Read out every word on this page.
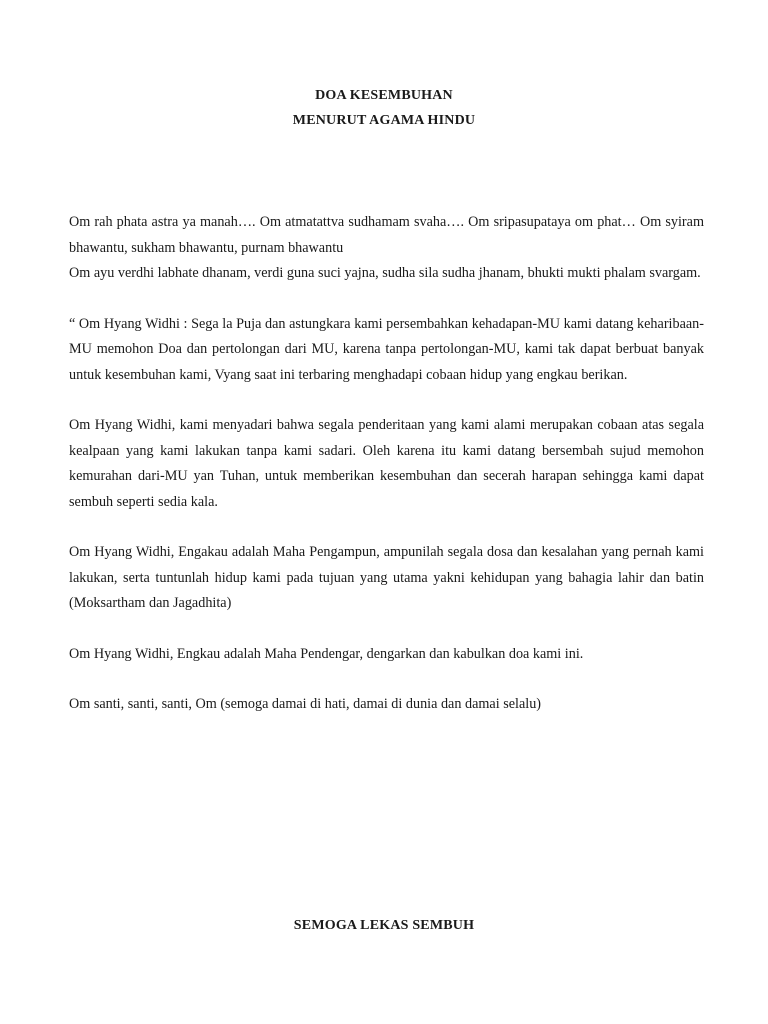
DOA KESEMBUHAN
MENURUT AGAMA HINDU

Om rah phata astra ya manah…. Om atmatattva sudhamam svaha…. Om sripasupataya om phat… Om syiram bhawantu, sukham bhawantu, purnam bhawantu

Om ayu verdhi labhate dhanam, verdi guna suci yajna, sudha sila sudha jhanam, bhukti mukti phalam svargam.

“ Om Hyang Widhi : Sega la Puja dan astungkara kami persembahkan kehadapan-MU kami datang keharibaan-MU memohon Doa dan pertolongan dari MU, karena tanpa pertolongan-MU, kami tak dapat berbuat banyak untuk kesembuhan kami, Vyang saat ini terbaring menghadapi cobaan hidup yang engkau berikan.

Om Hyang Widhi, kami menyadari bahwa segala penderitaan yang kami alami merupakan cobaan atas segala kealpaan yang kami lakukan tanpa kami sadari. Oleh karena itu kami datang bersembah sujud memohon kemurahan dari-MU yan Tuhan, untuk memberikan kesembuhan dan secerah harapan sehingga kami dapat sembuh seperti sedia kala.

Om Hyang Widhi, Engakau adalah Maha Pengampun, ampunilah segala dosa dan kesalahan yang pernah kami lakukan, serta tuntunlah hidup kami pada tujuan yang utama yakni kehidupan yang bahagia lahir dan batin (Moksartham dan Jagadhita)

Om Hyang Widhi, Engkau adalah Maha Pendengar, dengarkan dan kabulkan doa kami ini.

Om santi, santi, santi, Om (semoga damai di hati, damai di dunia dan damai selalu)

SEMOGA LEKAS SEMBUH
